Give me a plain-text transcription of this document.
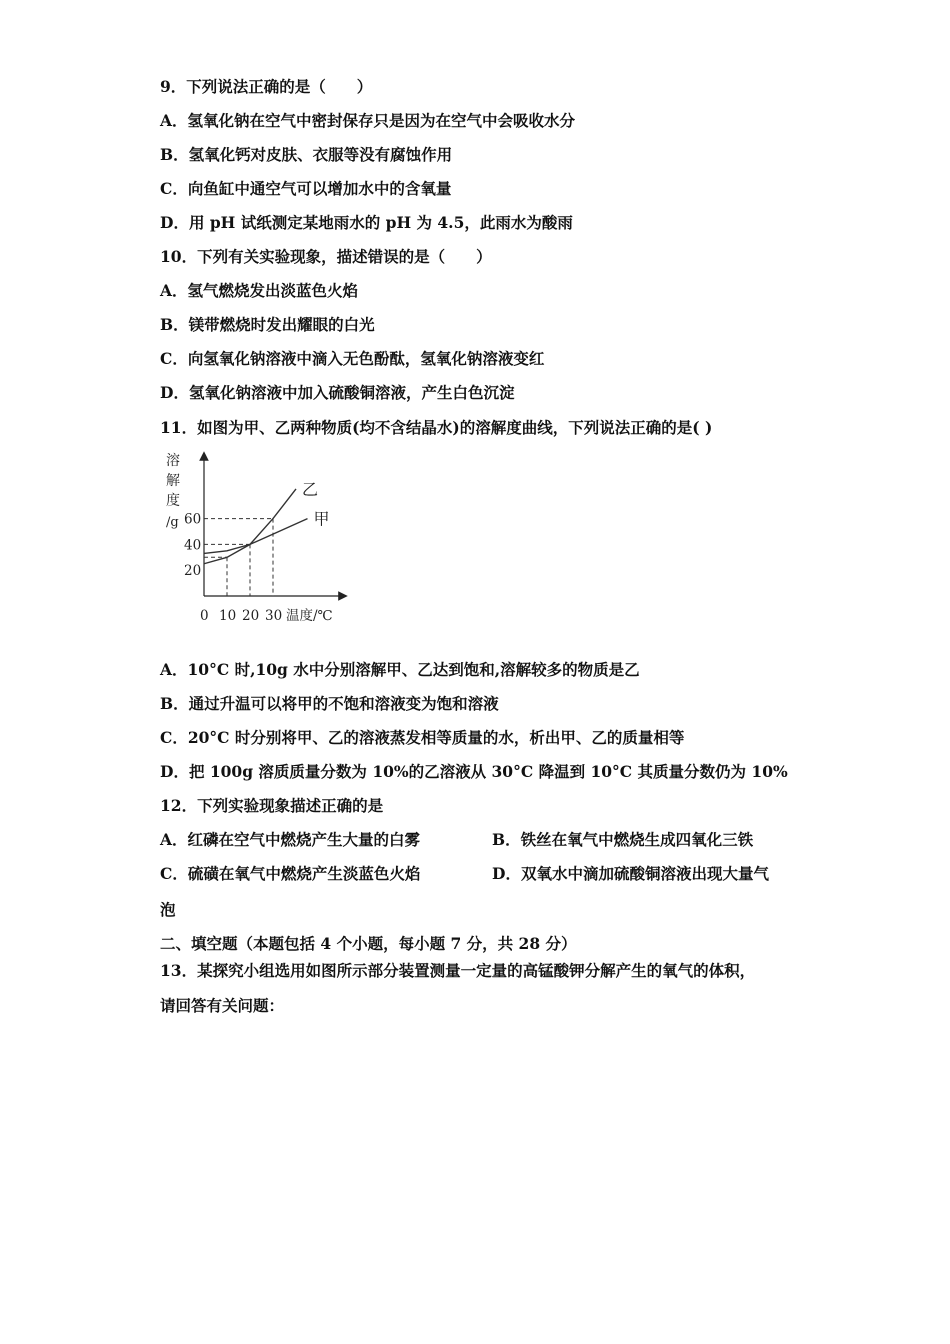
9．下列说法正确的是（　　）
A．氢氧化钠在空气中密封保存只是因为在空气中会吸收水分
B．氢氧化钙对皮肤、衣服等没有腐蚀作用
C．向鱼缸中通空气可以增加水中的含氧量
D．用 pH 试纸测定某地雨水的 pH 为 4.5，此雨水为酸雨
10．下列有关实验现象，描述错误的是（　　）
A．氢气燃烧发出淡蓝色火焰
B．镁带燃烧时发出耀眼的白光
C．向氢氧化钠溶液中滴入无色酚酞，氢氧化钠溶液变红
D．氢氧化钠溶液中加入硫酸铜溶液，产生白色沉淀
11．如图为甲、乙两种物质(均不含结晶水)的溶解度曲线，下列说法正确的是( )
溶
解
度
/g
20
40
60
0 10 20 30
甲
乙
温度/℃
A．10°C 时,10g 水中分别溶解甲、乙达到饱和,溶解较多的物质是乙
B．通过升温可以将甲的不饱和溶液变为饱和溶液
C．20°C 时分别将甲、乙的溶液蒸发相等质量的水，析出甲、乙的质量相等
D．把 100g 溶质质量分数为 10%的乙溶液从 30°C 降温到 10°C 其质量分数仍为 10%
12．下列实验现象描述正确的是
A．红磷在空气中燃烧产生大量的白雾	B．铁丝在氧气中燃烧生成四氧化三铁
C．硫磺在氧气中燃烧产生淡蓝色火焰	D．双氧水中滴加硫酸铜溶液出现大量气
泡
二、填空题（本题包括 4 个小题，每小题 7 分，共 28 分）
13．某探究小组选用如图所示部分装置测量一定量的高锰酸钾分解产生的氧气的体积，
请回答有关问题：
